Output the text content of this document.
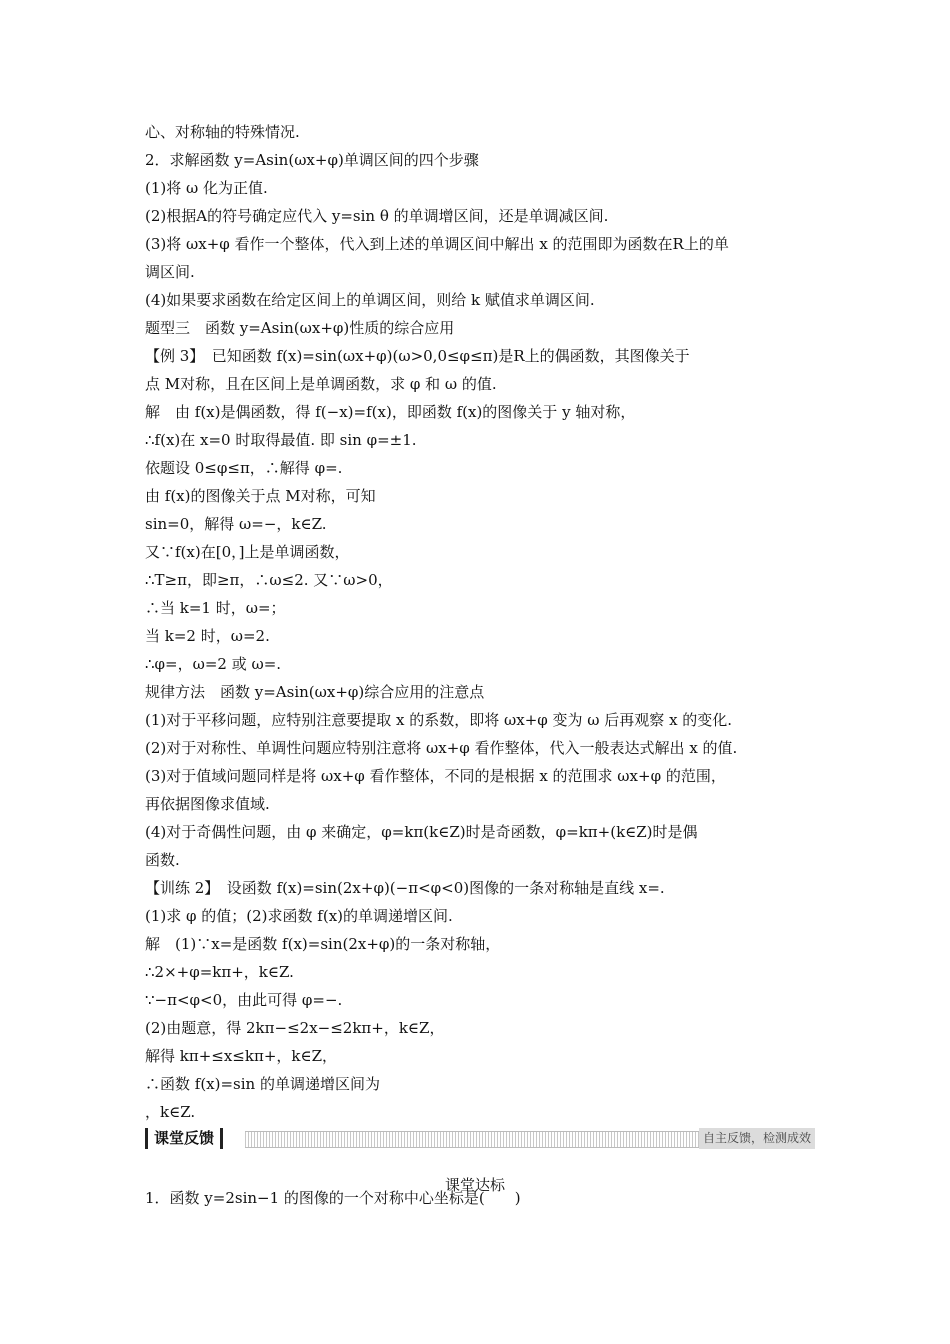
心、对称轴的特殊情况.

2．求解函数 y=Asin(ωx+φ)单调区间的四个步骤

(1)将 ω 化为正值.

(2)根据A的符号确定应代入 y=sin θ 的单调增区间，还是单调减区间.

(3)将 ωx+φ 看作一个整体，代入到上述的单调区间中解出 x 的范围即为函数在R上的单

调区间.

(4)如果要求函数在给定区间上的单调区间，则给 k 赋值求单调区间.

题型三　函数 y=Asin(ωx+φ)性质的综合应用

【例 3】　已知函数 f(x)=sin(ωx+φ)(ω>0,0≤φ≤π)是R上的偶函数，其图像关于

点 M对称，且在区间上是单调函数，求 φ 和 ω 的值.

解　由 f(x)是偶函数，得 f(−x)=f(x)，即函数 f(x)的图像关于 y 轴对称，

∴f(x)在 x=0 时取得最值. 即 sin φ=±1.

依题设 0≤φ≤π，∴解得 φ=.

由 f(x)的图像关于点 M对称，可知

sin=0，解得 ω=−，k∈Z.

又∵f(x)在[0，]上是单调函数，

∴T≥π，即≥π，∴ω≤2. 又∵ω>0，

∴当 k=1 时，ω=；

当 k=2 时，ω=2.

∴φ=，ω=2 或 ω=.

规律方法　函数 y=Asin(ωx+φ)综合应用的注意点

(1)对于平移问题，应特别注意要提取 x 的系数，即将 ωx+φ 变为 ω 后再观察 x 的变化.

(2)对于对称性、单调性问题应特别注意将 ωx+φ 看作整体，代入一般表达式解出 x 的值.

(3)对于值域问题同样是将 ωx+φ 看作整体，不同的是根据 x 的范围求 ωx+φ 的范围，

再依据图像求值域.

(4)对于奇偶性问题，由 φ 来确定，φ=kπ(k∈Z)时是奇函数，φ=kπ+(k∈Z)时是偶

函数.

【训练 2】　设函数 f(x)=sin(2x+φ)(−π<φ<0)图像的一条对称轴是直线 x=.

(1)求 φ 的值；(2)求函数 f(x)的单调递增区间.

解　(1)∵x=是函数 f(x)=sin(2x+φ)的一条对称轴，

∴2×+φ=kπ+，k∈Z.

∵−π<φ<0，由此可得 φ=−.

(2)由题意，得 2kπ−≤2x−≤2kπ+，k∈Z，

解得 kπ+≤x≤kπ+，k∈Z，

∴函数 f(x)=sin 的单调递增区间为

，k∈Z.

课堂反馈	自主反馈，检测成效

课堂达标

1．函数 y=2sin−1 的图像的一个对称中心坐标是(　　)
